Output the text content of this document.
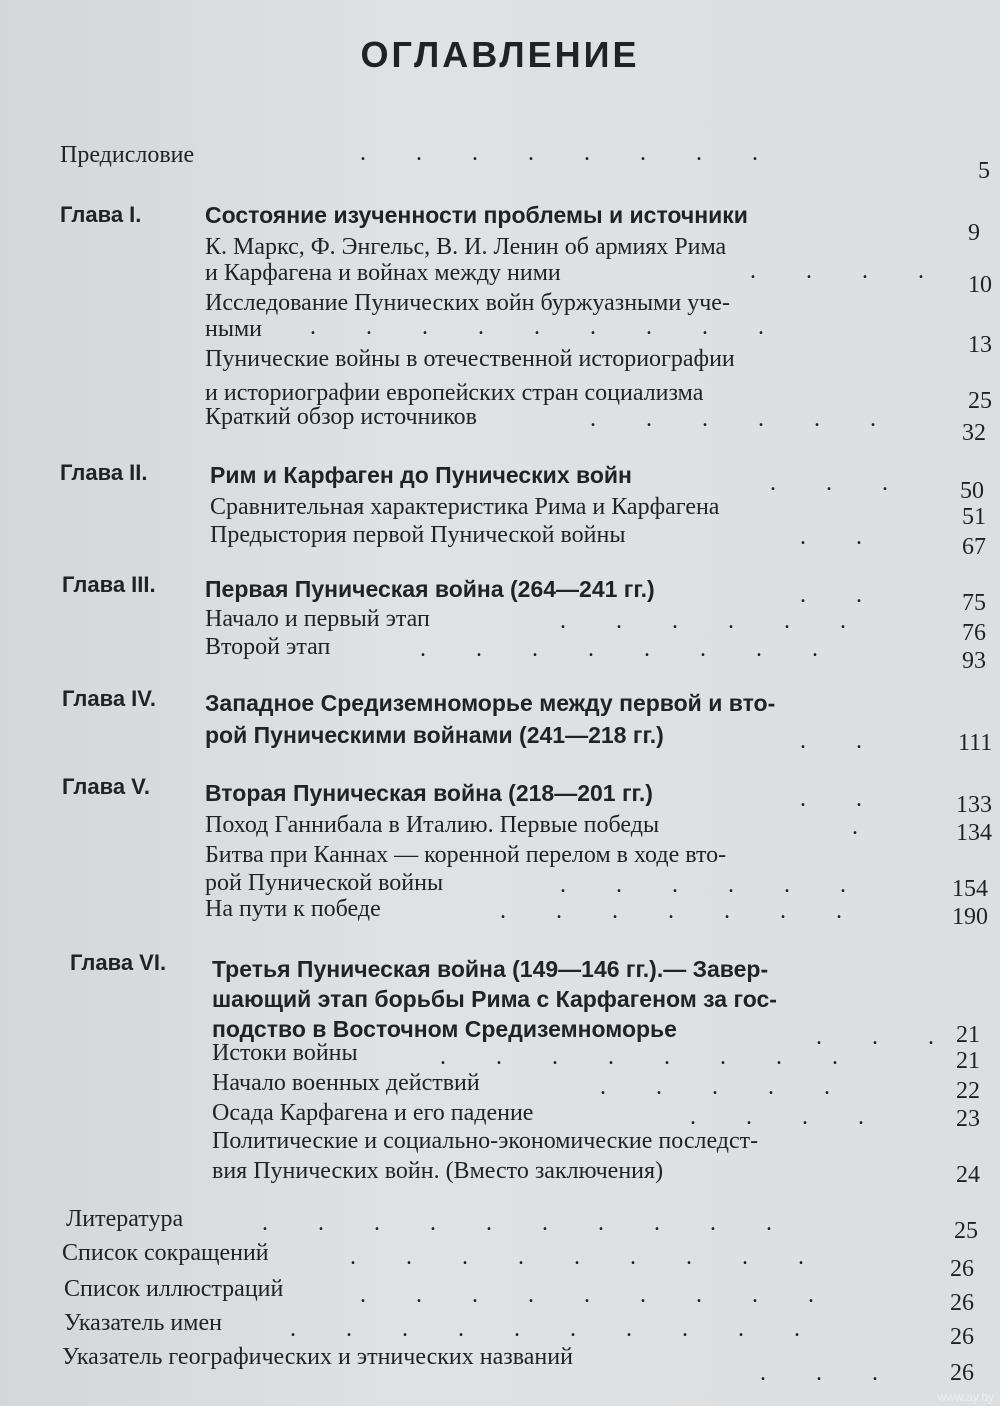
ОГЛАВЛЕНИЕ
Предисловие	.      .      .      .      .      .      .      .
5
Глава I.	Состояние изученности проблемы и источники
9
К. Маркс, Ф. Энгельс, В. И. Ленин об армиях Рима
и Карфагена и войнах между ними	.      .      .      .
10
Исследование Пунических войн буржуазными уче-
ными .      .      .      .      .      .      .      .      .
13
Пунические войны в отечественной историографии
и историографии европейских стран социализма	25
Краткий обзор источников	.      .      .      .      .      .
32
Глава II.	Рим и Карфаген до Пунических войн	.      .      .	50
Сравнительная характеристика Рима и Карфагена	51
Предыстория первой Пунической войны	.      .	67
Глава III. Первая Пуническая война (264—241 гг.)	.      .	75
Начало и первый этап	.      .      .      .      .      .	76
Второй этап	.      .      .      .      .      .      .      .	93
Глава IV. Западное Средиземноморье между первой и вто-
рой Пуническими войнами (241—218 гг.)	.      .	111
Глава V. Вторая Пуническая война (218—201 гг.)	.      .	133
Поход Ганнибала в Италию. Первые победы	.	134
Битва при Каннах — коренной перелом в ходе вто-
рой Пунической войны	.      .      .      .      .      .	154
На пути к победе	.      .      .      .      .      .      .	190
Глава VI. Третья Пуническая война (149—146 гг.).— Завер-
шающий этап борьбы Рима с Карфагеном за гос-
подство в Восточном Средиземноморье	.      .      . 21
Истоки войны	.      .      .      .      .      .      .      .	21
Начало военных действий	.      .      .      .      .	22
Осада Карфагена и его падение	.      .      .      .	23
Политические и социально-экономические последст-
вия Пунических войн. (Вместо заключения)	24
Литература	.      .      .      .      .      .      .      .      .      .	25
Список сокращений	.      .      .      .      .      .      .      .      .	26
Список иллюстраций	.      .      .      .      .      .      .      .      .	26
Указатель имен	.      .      .      .      .      .      .      .      .      .	26
Указатель географических и этнических названий
.      .      .	26
www.ay.by
